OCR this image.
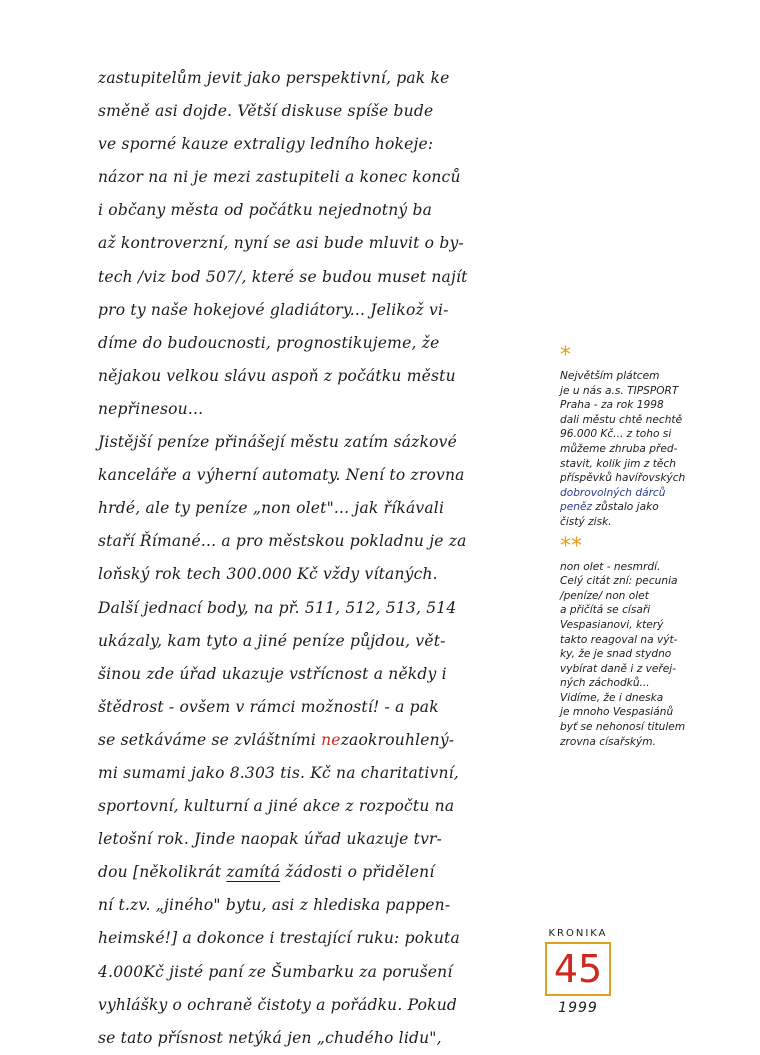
zastupitelům jevit jako perspektivní, pak ke
směně asi dojde. Větší diskuse spíše bude
ve sporné kauze extraligy ledního hokeje:
názor na ni je mezi zastupiteli a konec konců
i občany města od počátku nejednotný ba
až kontroverzní, nyní se asi bude mluvit o by-
tech /viz bod 507/, které se budou muset najít
pro ty naše hokejové gladiátory... Jelikož vi-
díme do budoucnosti, prognostikujeme, že
nějakou velkou slávu aspoň z počátku městu
nepřinesou...
Jistější peníze přinášejí městu zatím sázkové
kanceláře a výherní automaty. Není to zrovna
hrdé, ale ty peníze „non olet"... jak říkávali
staří Římané... a pro městskou pokladnu je za
loňský rok tech 300.000 Kč vždy vítaných.
Další jednací body, na př. 511, 512, 513, 514
ukázaly, kam tyto a jiné peníze půjdou, vět-
šinou zde úřad ukazuje vstřícnost a někdy i
štědrost - ovšem v rámci možností! - a pak
se setkáváme se zvláštními nezaokrouhlený-
mi sumami jako 8.303 tis. Kč na charitativní,
sportovní, kulturní a jiné akce z rozpočtu na
letošní rok. Jinde naopak úřad ukazuje tvr-
dou [několikrát zamítá žádosti o přidělení
ní t.zv. „jiného" bytu, asi z hlediska pappen-
heimské!] a dokonce i trestající ruku: pokuta
4.000Kč jisté paní ze Šumbarku za porušení
vyhlášky o ochraně čistoty a pořádku. Pokud
se tato přísnost netýká jen „chudého lidu",
*
Největším plátcem
je u nás a.s. TIPSPORT
Praha - za rok 1998
dali městu chtě nechtě
96.000 Kč... z toho si
můžeme zhruba před-
stavit, kolik jim z těch
příspěvků havířovských
dobrovolných dárců
peněz zůstalo jako
čistý zisk.
**
non olet - nesmrdí.
Celý citát zní: pecunia
/peníze/ non olet
a přičítá se císaři
Vespasianovi, který
takto reagoval na výt-
ky, že je snad stydno
vybírat daně i z veřej-
ných záchodků...
Vidíme, že i dneska
je mnoho Vespasiánů
byť se nehonosí titulem
zrovna císařským.
KRONIKA
45
1999
